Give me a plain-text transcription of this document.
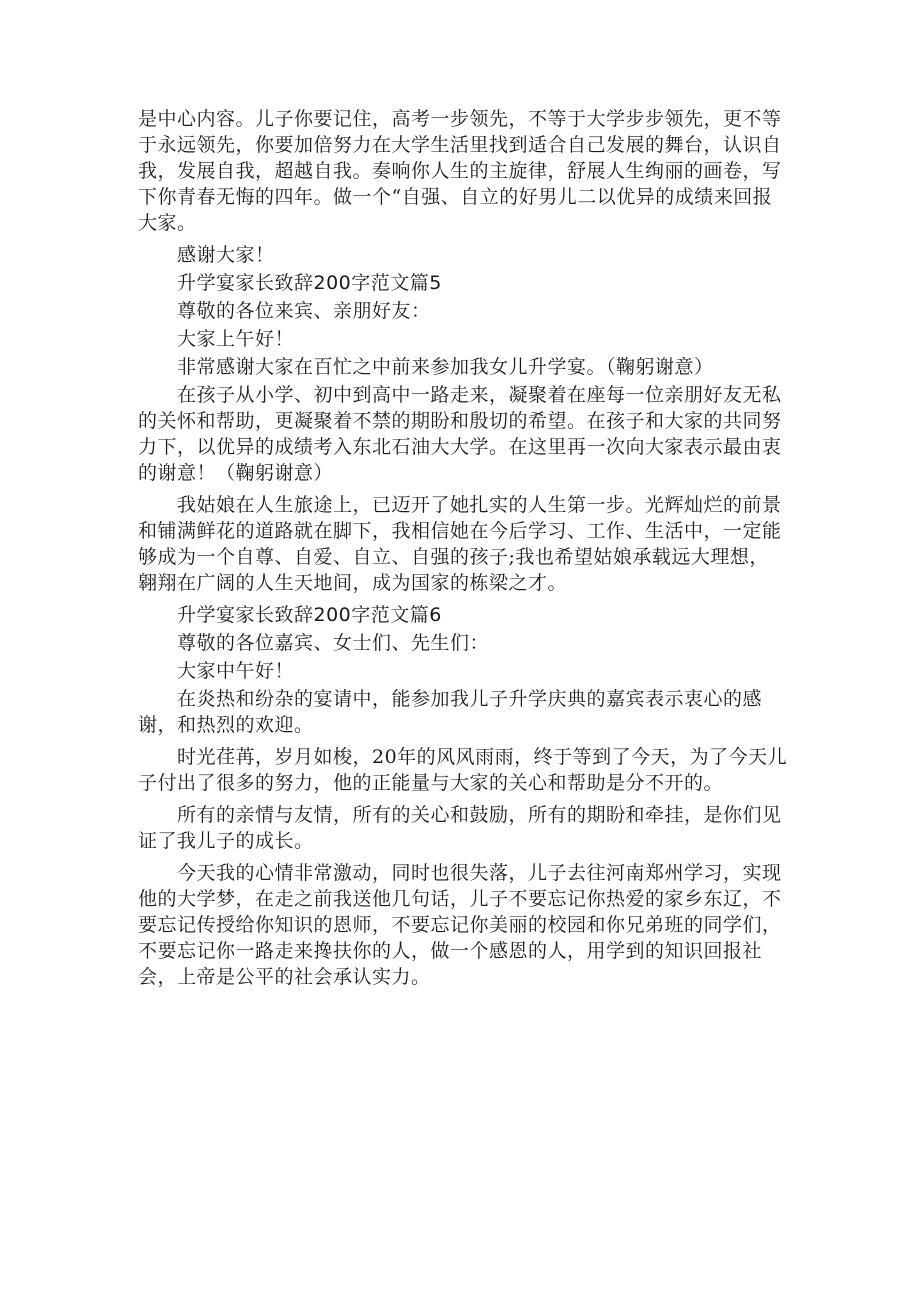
是中心内容。儿子你要记住，高考一步领先，不等于大学步步领先，更不等于永远领先，你要加倍努力在大学生活里找到适合自己发展的舞台，认识自我，发展自我，超越自我。奏响你人生的主旋律，舒展人生绚丽的画卷，写下你青春无悔的四年。做一个“自强、自立的好男儿二以优异的成绩来回报大家。

感谢大家！

升学宴家长致辞200字范文篇5

尊敬的各位来宾、亲朋好友：

大家上午好！

非常感谢大家在百忙之中前来参加我女儿升学宴。（鞠躬谢意）

在孩子从小学、初中到高中一路走来，凝聚着在座每一位亲朋好友无私的关怀和帮助，更凝聚着不禁的期盼和殷切的希望。在孩子和大家的共同努力下，以优异的成绩考入东北石油大大学。在这里再一次向大家表示最由衷的谢意！（鞠躬谢意）

我姑娘在人生旅途上，已迈开了她扎实的人生第一步。光辉灿烂的前景和铺满鲜花的道路就在脚下，我相信她在今后学习、工作、生活中，一定能够成为一个自尊、自爱、自立、自强的孩子;我也希望姑娘承载远大理想，翱翔在广阔的人生天地间，成为国家的栋梁之才。

升学宴家长致辞200字范文篇6

尊敬的各位嘉宾、女士们、先生们：

大家中午好！

在炎热和纷杂的宴请中，能参加我儿子升学庆典的嘉宾表示衷心的感谢，和热烈的欢迎。

时光荏苒，岁月如梭，20年的风风雨雨，终于等到了今天，为了今天儿子付出了很多的努力，他的正能量与大家的关心和帮助是分不开的。

所有的亲情与友情，所有的关心和鼓励，所有的期盼和牵挂，是你们见证了我儿子的成长。

今天我的心情非常激动，同时也很失落，儿子去往河南郑州学习，实现他的大学梦，在走之前我送他几句话，儿子不要忘记你热爱的家乡东辽，不要忘记传授给你知识的恩师，不要忘记你美丽的校园和你兄弟班的同学们，不要忘记你一路走来搀扶你的人，做一个感恩的人，用学到的知识回报社会，上帝是公平的社会承认实力。
